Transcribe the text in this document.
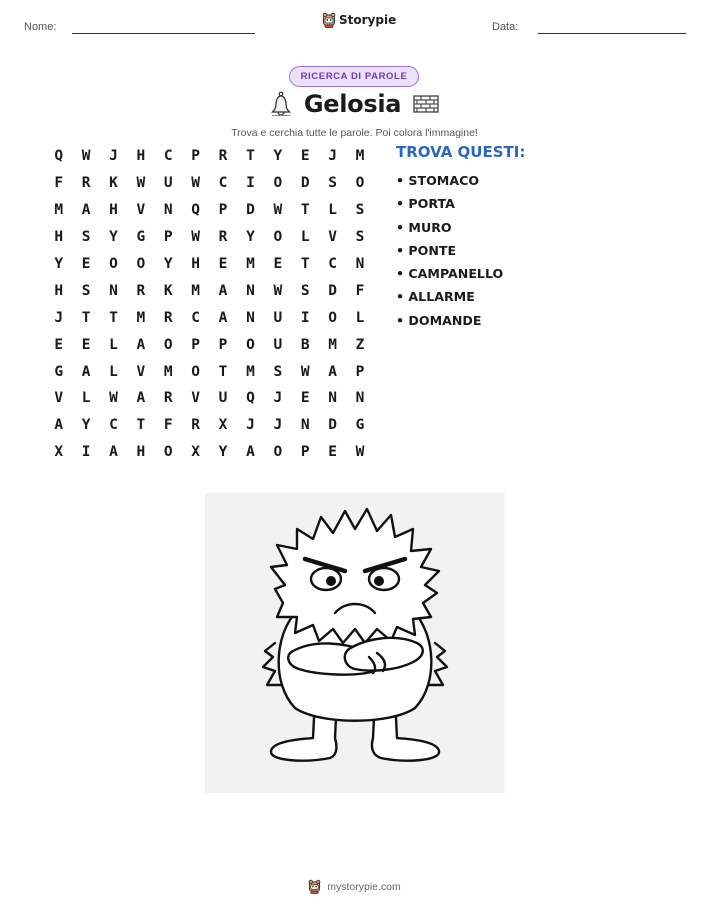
Nome:	Storypie	Data:
RICERCA DI PAROLE
Gelosia
Trova e cerchia tutte le parole. Poi colora l'immagine!
Q	W	J	H	C	P	R	T	Y	E	J	M
F	R	K	W	U	W	C	I	O	D	S	O
M	A	H	V	N	Q	P	D	W	T	L	S
H	S	Y	G	P	W	R	Y	O	L	V	S
Y	E	O	O	Y	H	E	M	E	T	C	N
H	S	N	R	K	M	A	N	W	S	D	F
J	T	T	M	R	C	A	N	U	I	O	L
E	E	L	A	O	P	P	O	U	B	M	Z
G	A	L	V	M	O	T	M	S	W	A	P
V	L	W	A	R	V	U	Q	J	E	N	N
A	Y	C	T	F	R	X	J	J	N	D	G
X	I	A	H	O	X	Y	A	O	P	E	W
TROVA QUESTI:
• STOMACO
• PORTA
• MURO
• PONTE
• CAMPANELLO
• ALLARME
• DOMANDE
mystorypie.com
